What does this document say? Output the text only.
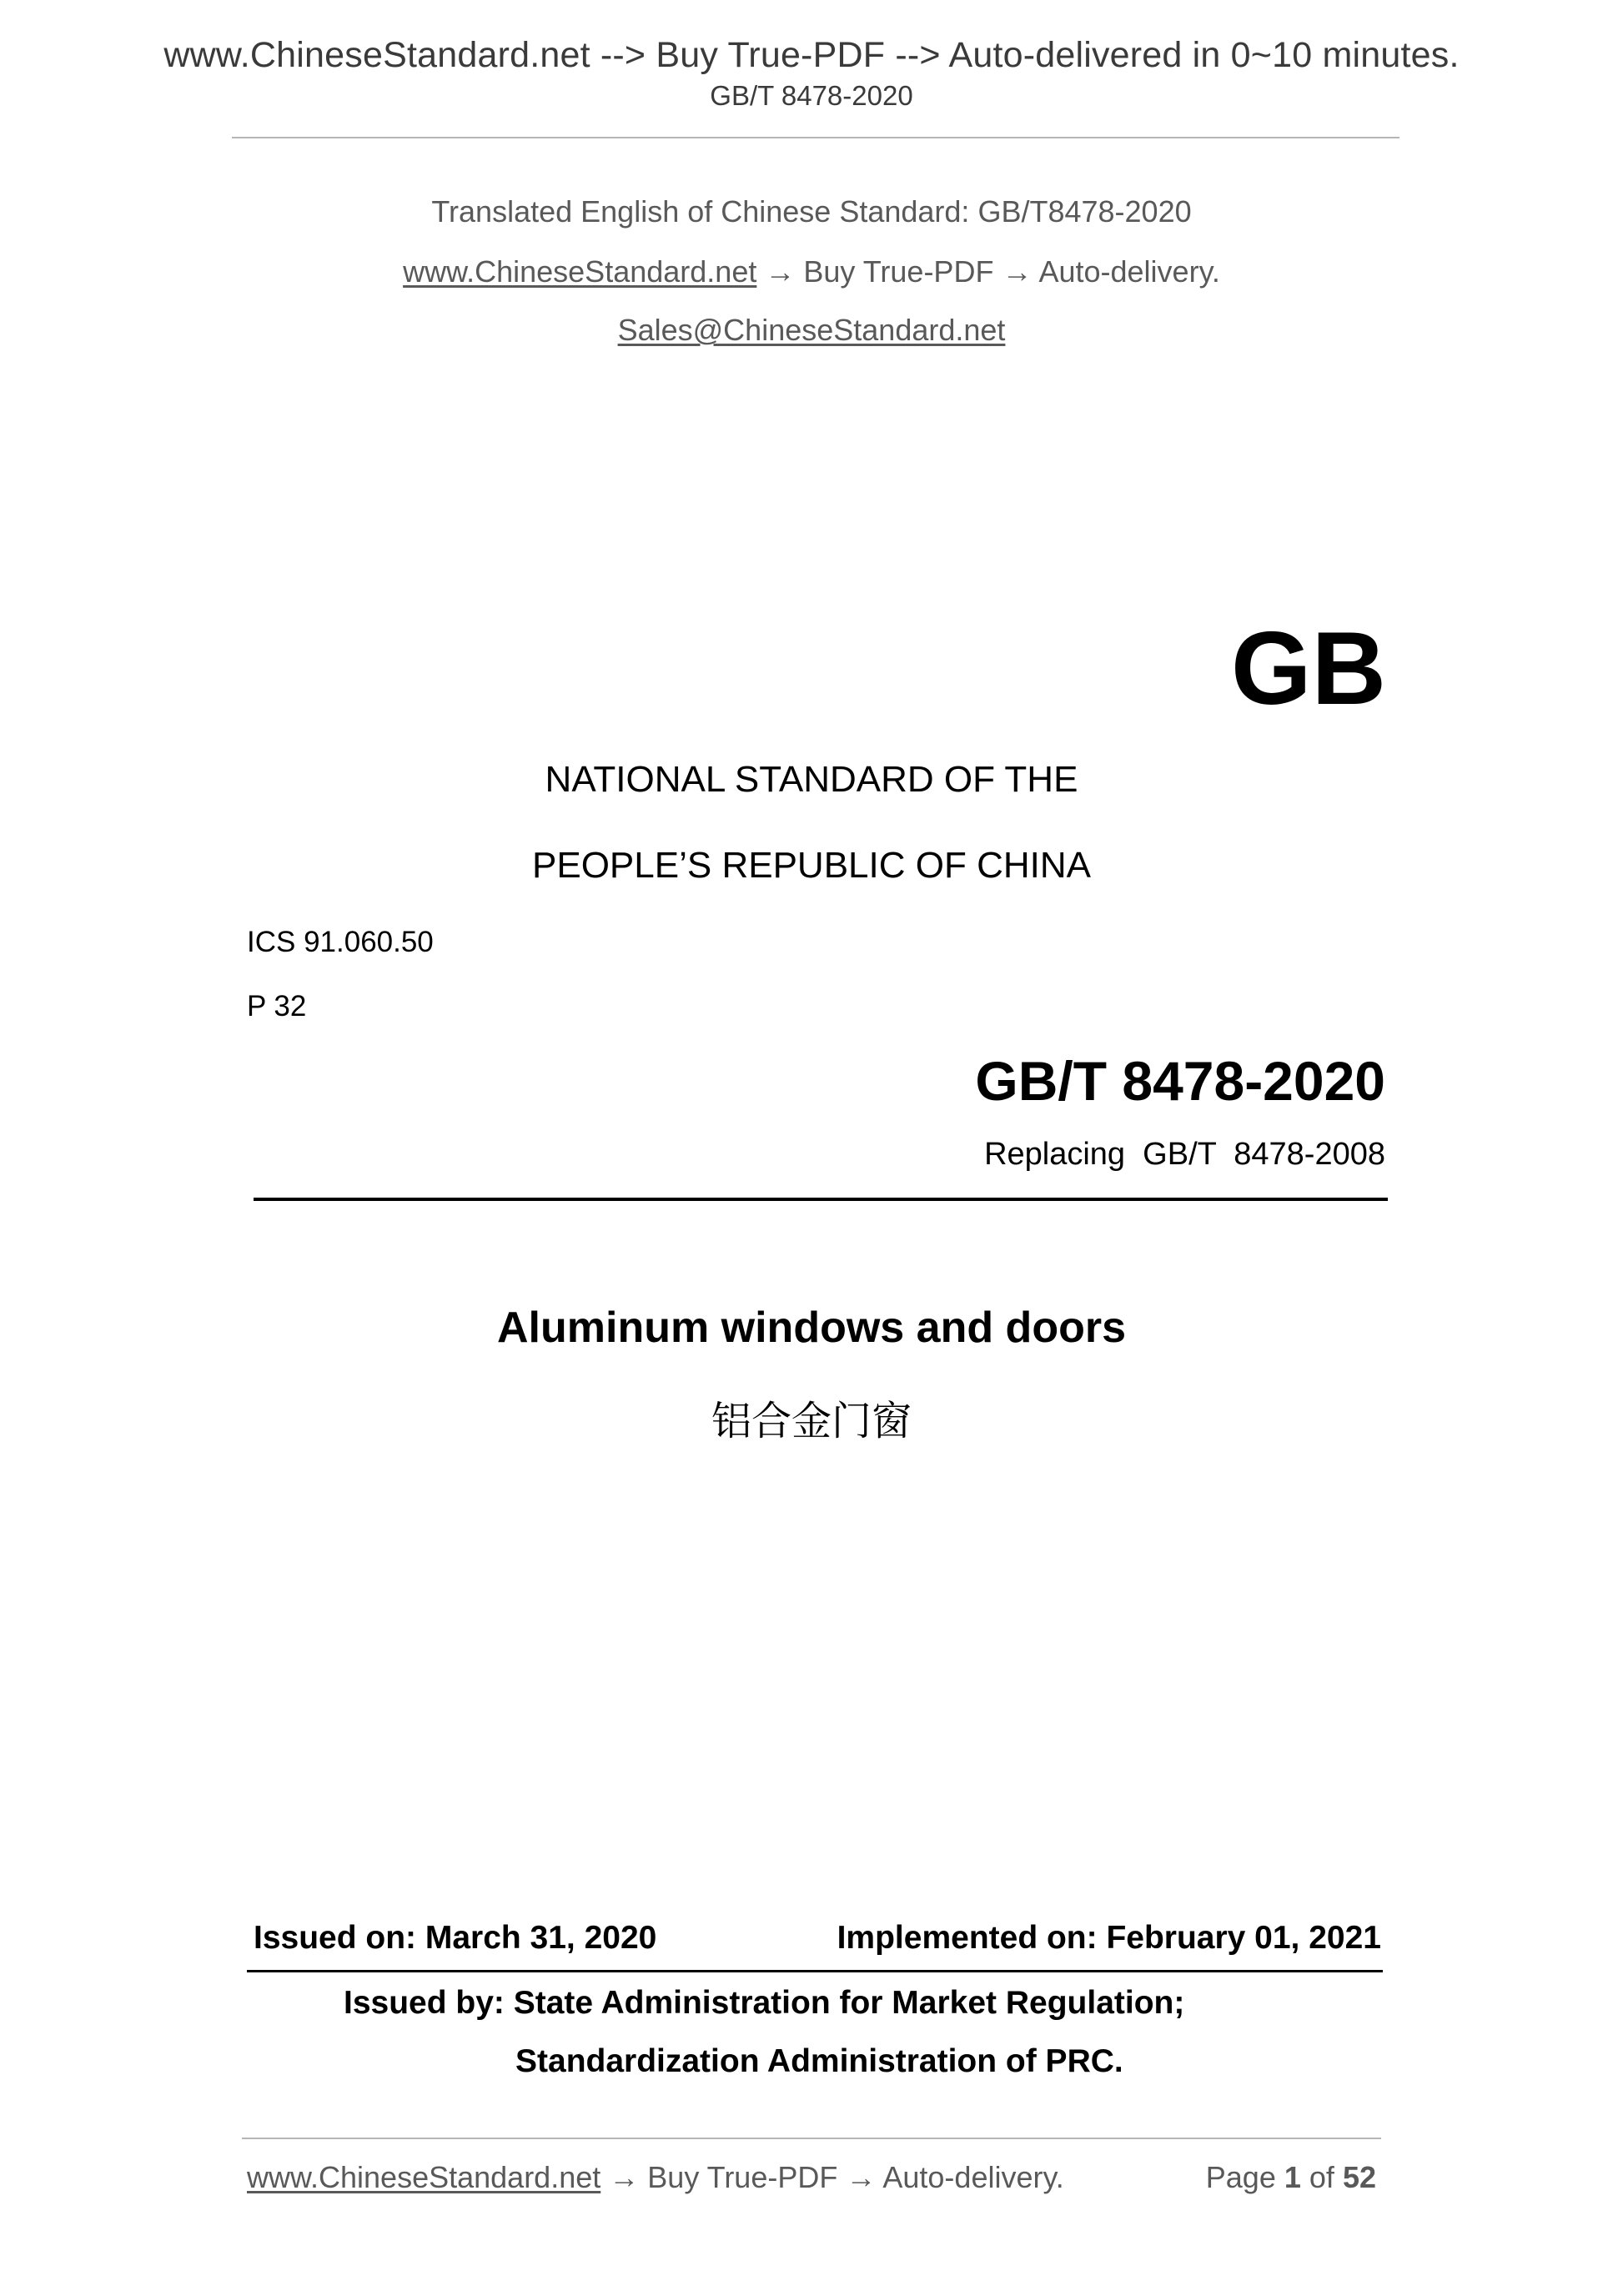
www.ChineseStandard.net --> Buy True-PDF --> Auto-delivered in 0~10 minutes.
GB/T 8478-2020
Translated English of Chinese Standard: GB/T8478-2020
www.ChineseStandard.net → Buy True-PDF → Auto-delivery.
Sales@ChineseStandard.net
GB
NATIONAL STANDARD OF THE
PEOPLE’S REPUBLIC OF CHINA
ICS 91.060.50
P 32
GB/T 8478-2020
Replacing  GB/T  8478-2008
Aluminum windows and doors
铝合金门窗
Issued on: March 31, 2020	Implemented on: February 01, 2021
Issued by: State Administration for Market Regulation;
Standardization Administration of PRC.
www.ChineseStandard.net → Buy True-PDF → Auto-delivery.	Page 1 of 52
